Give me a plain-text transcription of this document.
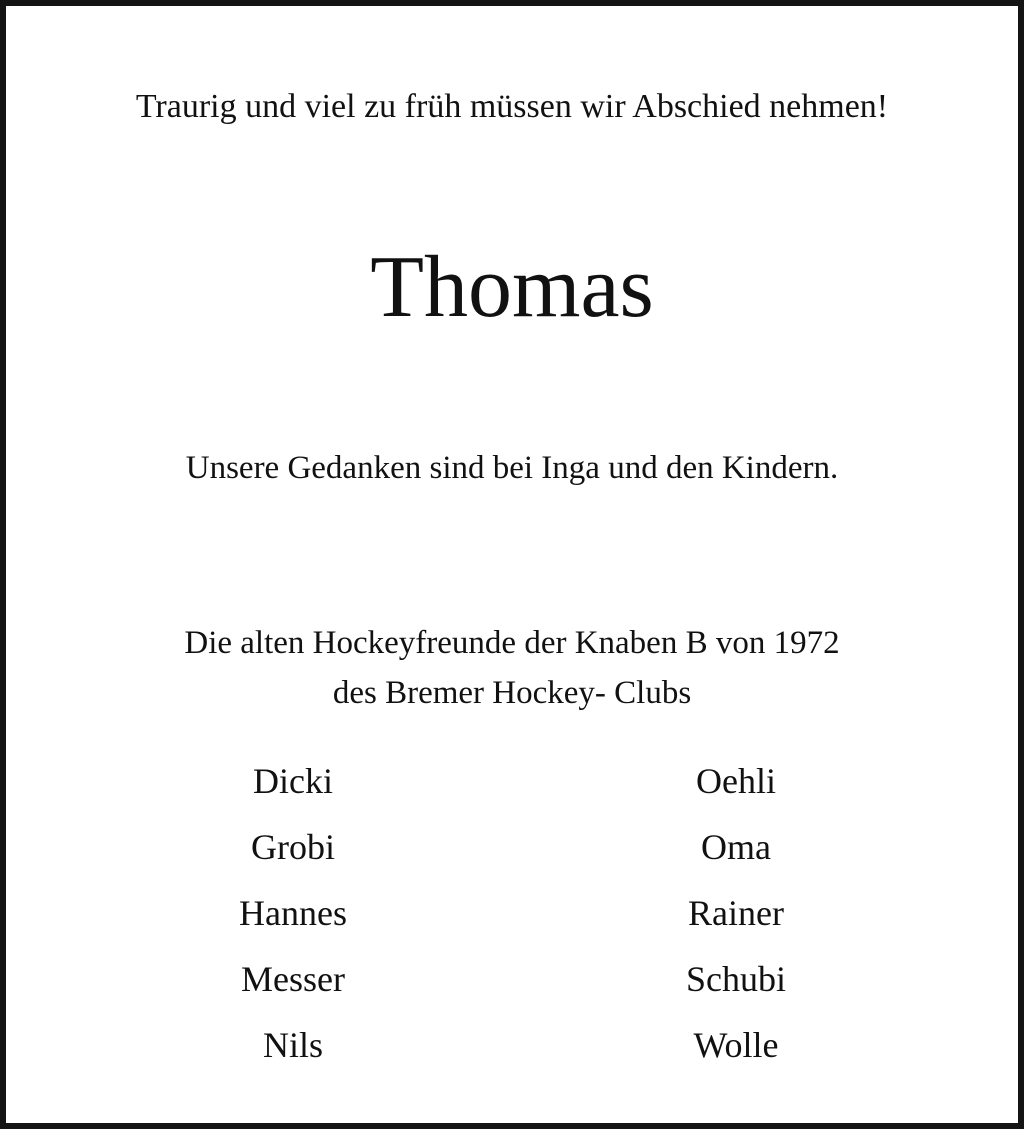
Traurig und viel zu früh müssen wir Abschied nehmen!
Thomas
Unsere Gedanken sind bei Inga und den Kindern.
Die alten Hockeyfreunde der Knaben B von 1972
des Bremer Hockey- Clubs
Dicki
Grobi
Hannes
Messer
Nils
Oehli
Oma
Rainer
Schubi
Wolle
